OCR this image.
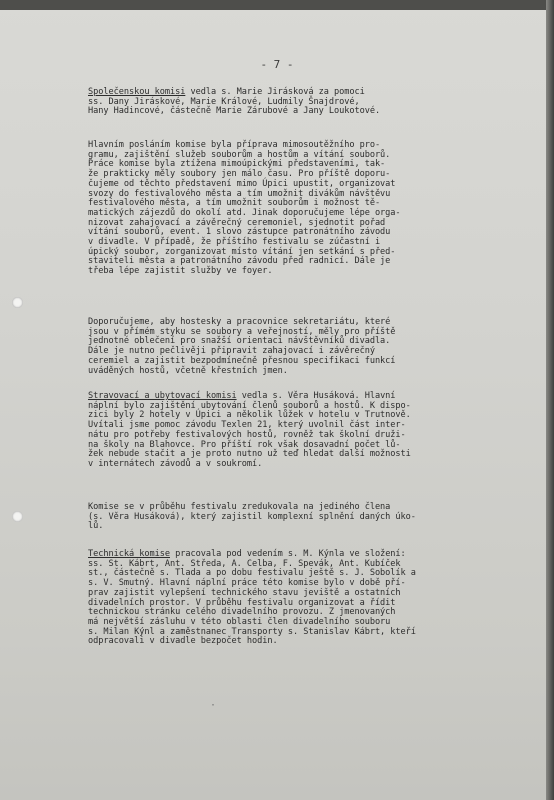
·
- 7 -
Společenskou komisi vedla s. Marie Jirásková za pomoci
ss. Dany Jiráskové, Marie Králové, Ludmily Šnajdrové,
Hany Hadincové, částečně Marie Zárubové a Jany Loukotové.
Hlavním posláním komise byla příprava mimosoutěžního pro-
gramu, zajištění služeb souborům a hostům a vítání souborů.
Práce komise byla ztížena mimoúpickými představeními, tak-
že prakticky měly soubory jen málo času. Pro příště doporu-
čujeme od těchto představení mimo Úpici upustit, organizovat
svozy do festivalového města a tím umožnit divákům návštěvu
festivalového města, a tím umožnit souborům i možnost tě-
matických zájezdů do okolí atd. Jinak doporučujeme lépe orga-
nizovat zahajovací a závěrečný ceremoniel, sjednotit pořad
vítání souborů, event. 1 slovo zástupce patronátního závodu
v divadle. V případě, že příštího festivalu se zúčastní i
úpický soubor, zorganizovat místo vítání jen setkání s před-
staviteli města a patronátního závodu před radnicí. Dále je
třeba lépe zajistit služby ve foyer.
Doporučujeme, aby hostesky a pracovnice sekretariátu, které
jsou v přímém styku se soubory a veřejností, měly pro příště
jednotné oblečení pro snažší orientaci návštěvníků divadla.
Dále je nutno pečlivěji připravit zahajovací i závěrečný
ceremiel a zajistit bezpodmínečně přesnou specifikaci funkcí
uváděných hostů, včetně křestních jmen.
Stravovací a ubytovací komisi vedla s. Věra Husáková. Hlavní
náplní bylo zajištění ubytování členů souborů a hostů. K dispo-
zici byly 2 hotely v Úpici a několik lůžek v hotelu v Trutnově.
Uvítali jsme pomoc závodu Texlen 21, který uvolnil část inter-
nátu pro potřeby festivalových hostů, rovněž tak školní druži-
na školy na Blahovce. Pro příští rok však dosavadní počet lů-
žek nebude stačit a je proto nutno už teď hledat další možnosti
v internátech závodů a v soukromí.
Komise se v průběhu festivalu zredukovala na jediného člena
(s. Věra Husáková), který zajistil komplexní splnění daných úko-
lů.
Technická komise pracovala pod vedením s. M. Kýnla ve složení:
ss. St. Kábrt, Ant. Středa, A. Celba, F. Spevák, Ant. Kubíček
st., částečně s. Tlada a po dobu festivalu ještě s. J. Sobolík a
s. V. Smutný. Hlavní náplní práce této komise bylo v době pří-
prav zajistit vylepšení technického stavu jeviště a ostatních
divadelních prostor. V průběhu festivalu organizovat a řídit
technickou stránku celého divadelního provozu. Z jmenovaných
má největší zásluhu v této oblasti člen divadelního souboru
s. Milan Kýnl a zaměstnanec Transporty s. Stanislav Kábrt, kteří
odpracovali v divadle bezpočet hodin.
